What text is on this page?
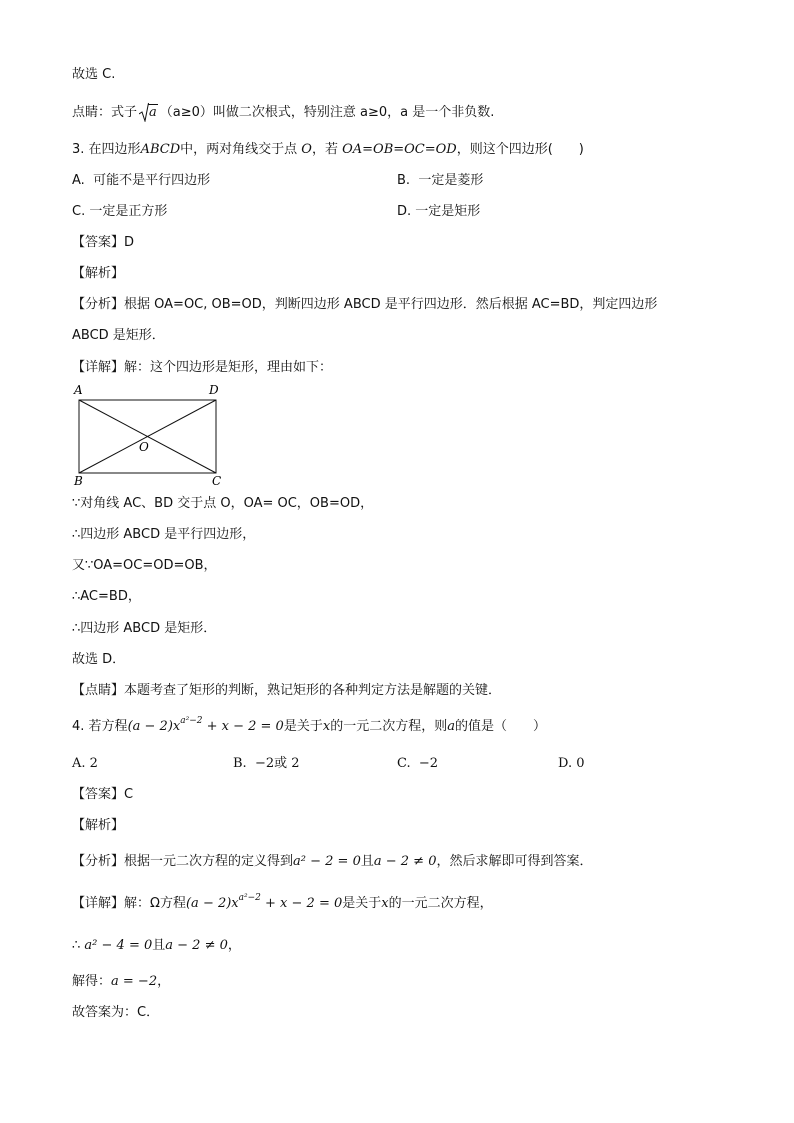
故选 C.
点睛：式子 a （a≥0）叫做二次根式，特别注意 a≥0，a 是一个非负数.
3. 在四边形ABCD中，两对角线交于点 O，若 OA=OB=OC=OD，则这个四边形(　　)
A. 可能不是平行四边形	B. 一定是菱形
C. 一定是正方形	D. 一定是矩形
【答案】D
【解析】
【分析】根据 OA=OC, OB=OD，判断四边形 ABCD 是平行四边形．然后根据 AC=BD，判定四边形
ABCD 是矩形．
【详解】解：这个四边形是矩形，理由如下：
A	D
O
B	C
∵对角线 AC、BD 交于点 O，OA= OC，OB=OD，
∴四边形 ABCD 是平行四边形，
又∵OA=OC=OD=OB，
∴AC=BD，
∴四边形 ABCD 是矩形．
故选 D．
【点睛】本题考查了矩形的判断，熟记矩形的各种判定方法是解题的关键．
4. 若方程$(a - 2)x^{a^2-2} + x - 2 = 0$是关于x的一元二次方程，则a的值是（　　）
A. 2	B. −2或 2	C. −2	D. 0
【答案】C
【解析】
【分析】根据一元二次方程的定义得到a² − 2 = 0且a − 2 ≠ 0，然后求解即可得到答案．
【详解】解：Ω方程$(a - 2)x^{a^2-2} + x - 2 = 0$是关于x的一元二次方程，
∴ a² − 4 = 0且a − 2 ≠ 0，
解得：a = −2，
故答案为：C．
